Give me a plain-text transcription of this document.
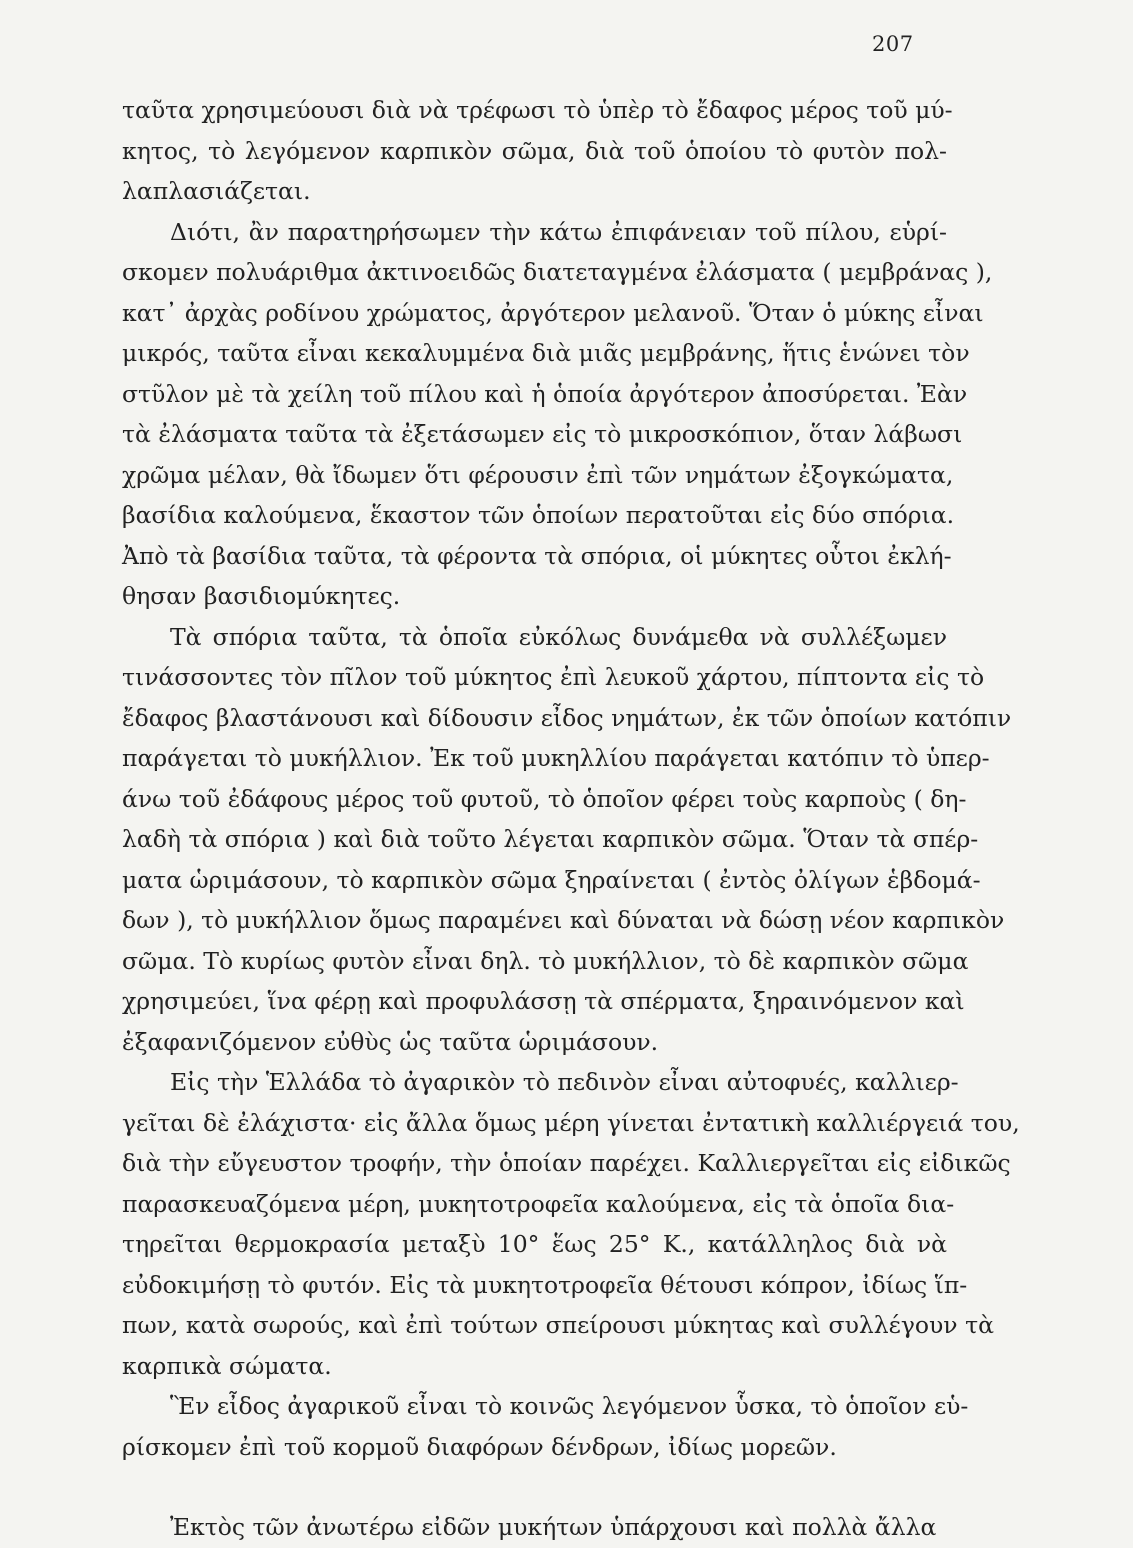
207
ταῦτα χρησιμεύουσι διὰ νὰ τρέφωσι τὸ ὑπὲρ τὸ ἔδαφος μέρος τοῦ μύ-
κητος, τὸ λεγόμενον καρπικὸν σῶμα, διὰ τοῦ ὁποίου τὸ φυτὸν πολ-
λαπλασιάζεται.
Διότι, ἂν παρατηρήσωμεν τὴν κάτω ἐπιφάνειαν τοῦ πίλου, εὑρί-
σκομεν πολυάριθμα ἀκτινοειδῶς διατεταγμένα ἐλάσματα ( μεμβράνας ),
κατ᾽ ἀρχὰς ροδίνου χρώματος, ἀργότερον μελανοῦ. Ὅταν ὁ μύκης εἶναι
μικρός, ταῦτα εἶναι κεκαλυμμένα διὰ μιᾶς μεμβράνης, ἥτις ἑνώνει τὸν
στῦλον μὲ τὰ χείλη τοῦ πίλου καὶ ἡ ὁποία ἀργότερον ἀποσύρεται. Ἐὰν
τὰ ἐλάσματα ταῦτα τὰ ἐξετάσωμεν εἰς τὸ μικροσκόπιον, ὅταν λάβωσι
χρῶμα μέλαν, θὰ ἴδωμεν ὅτι φέρουσιν ἐπὶ τῶν νημάτων ἐξογκώματα,
βασίδια καλούμενα, ἕκαστον τῶν ὁποίων περατοῦται εἰς δύο σπόρια.
Ἀπὸ τὰ βασίδια ταῦτα, τὰ φέροντα τὰ σπόρια, οἱ μύκητες οὗτοι ἐκλή-
θησαν βασιδιομύκητες.
Τὰ σπόρια ταῦτα, τὰ ὁποῖα εὐκόλως δυνάμεθα νὰ συλλέξωμεν
τινάσσοντες τὸν πῖλον τοῦ μύκητος ἐπὶ λευκοῦ χάρτου, πίπτοντα εἰς τὸ
ἔδαφος βλαστάνουσι καὶ δίδουσιν εἶδος νημάτων, ἐκ τῶν ὁποίων κατόπιν
παράγεται τὸ μυκήλλιον. Ἐκ τοῦ μυκηλλίου παράγεται κατόπιν τὸ ὑπερ-
άνω τοῦ ἐδάφους μέρος τοῦ φυτοῦ, τὸ ὁποῖον φέρει τοὺς καρποὺς ( δη-
λαδὴ τὰ σπόρια ) καὶ διὰ τοῦτο λέγεται καρπικὸν σῶμα. Ὅταν τὰ σπέρ-
ματα ὡριμάσουν, τὸ καρπικὸν σῶμα ξηραίνεται ( ἐντὸς ὀλίγων ἑβδομά-
δων ), τὸ μυκήλλιον ὅμως παραμένει καὶ δύναται νὰ δώσῃ νέον καρπικὸν
σῶμα. Τὸ κυρίως φυτὸν εἶναι δηλ. τὸ μυκήλλιον, τὸ δὲ καρπικὸν σῶμα
χρησιμεύει, ἵνα φέρῃ καὶ προφυλάσσῃ τὰ σπέρματα, ξηραινόμενον καὶ
ἐξαφανιζόμενον εὐθὺς ὡς ταῦτα ὡριμάσουν.
Εἰς τὴν Ἑλλάδα τὸ ἀγαρικὸν τὸ πεδινὸν εἶναι αὐτοφυές, καλλιερ-
γεῖται δὲ ἐλάχιστα· εἰς ἄλλα ὅμως μέρη γίνεται ἐντατικὴ καλλιέργειά του,
διὰ τὴν εὔγευστον τροφήν, τὴν ὁποίαν παρέχει. Καλλιεργεῖται εἰς εἰδικῶς
παρασκευαζόμενα μέρη, μυκητοτροφεῖα καλούμενα, εἰς τὰ ὁποῖα δια-
τηρεῖται θερμοκρασία μεταξὺ 10° ἕως 25° Κ., κατάλληλος διὰ νὰ
εὐδοκιμήσῃ τὸ φυτόν. Εἰς τὰ μυκητοτροφεῖα θέτουσι κόπρον, ἰδίως ἵπ-
πων, κατὰ σωρούς, καὶ ἐπὶ τούτων σπείρουσι μύκητας καὶ συλλέγουν τὰ
καρπικὰ σώματα.
Ἓν εἶδος ἀγαρικοῦ εἶναι τὸ κοινῶς λεγόμενον ὗσκα, τὸ ὁποῖον εὑ-
ρίσκομεν ἐπὶ τοῦ κορμοῦ διαφόρων δένδρων, ἰδίως μορεῶν.
Ἐκτὸς τῶν ἀνωτέρω εἰδῶν μυκήτων ὑπάρχουσι καὶ πολλὰ ἄλλα
